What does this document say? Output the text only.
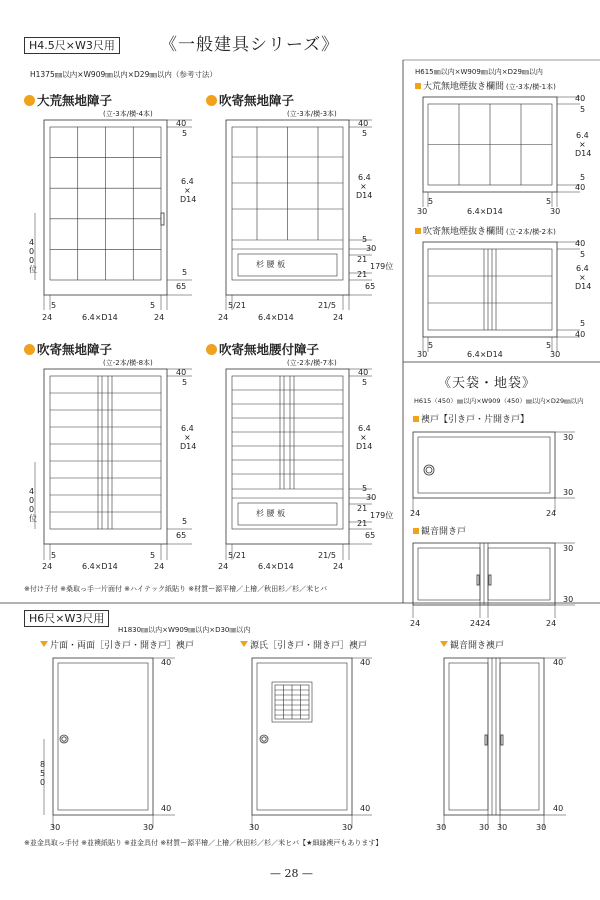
H4.5尺×W3尺用	《一般建具シリーズ》
H1375㎜以内×W909㎜以内×D29㎜以内（参考寸法）
大荒無地障子
(立-3本/横-4本)
40
5
6.4
×
D14
5
65
4
0
0
位
5	5
24	6.4×D14	24
吹寄無地障子
(立-3本/横-3本)
杉 腰 板
40
5
6.4
×
D14
5
30
21
179位
21
65
5/21	21/5
24	6.4×D14	24
吹寄無地障子
(立-2本/横-8本)
40
5
6.4
×
D14
5
65
4
0
0
位
5	5
24	6.4×D14	24
吹寄無地腰付障子
(立-2本/横-7本)
杉 腰 板
40
5
6.4
×
D14
5
30
21
179位
21
65
5/21	21/5
24	6.4×D14	24
※付け子付 ※桑取っ手一片面付 ※ハイテック紙貼り ※材質ー源平檜／上檜／秋田杉／杉／米ヒバ
H615㎜以内×W909㎜以内×D29㎜以内
大荒無地煙抜き欄間 (立-3本/横-1本)
40
5
6.4
×
D14
5
40
5	5
30	6.4×D14	30
吹寄無地煙抜き欄間 (立-2本/横-2本)
40
5
6.4
×
D14
5
40
5	5
30	6.4×D14	30
《天袋・地袋》
H615（450）㎜以内×W909（450）㎜以内×D29㎜以内
襖戸【引き戸・片開き戸】
30
30
24	24
観音開き戸
30
30
24	2424	24
H6尺×W3尺用
H1830㎜以内×W909㎜以内×D30㎜以内
片面・両面［引き戸・開き戸］襖戸
40
40
8
5
0
30	30
源氏［引き戸・開き戸］襖戸
40
40
30	30
観音開き襖戸
40
40
30	30 30	30
※並金具取っ手付 ※並襖紙貼り ※並金具付 ※材質ー源平檜／上檜／秋田杉／杉／米ヒバ【★細縁襖戸もあります】
— 28 —
